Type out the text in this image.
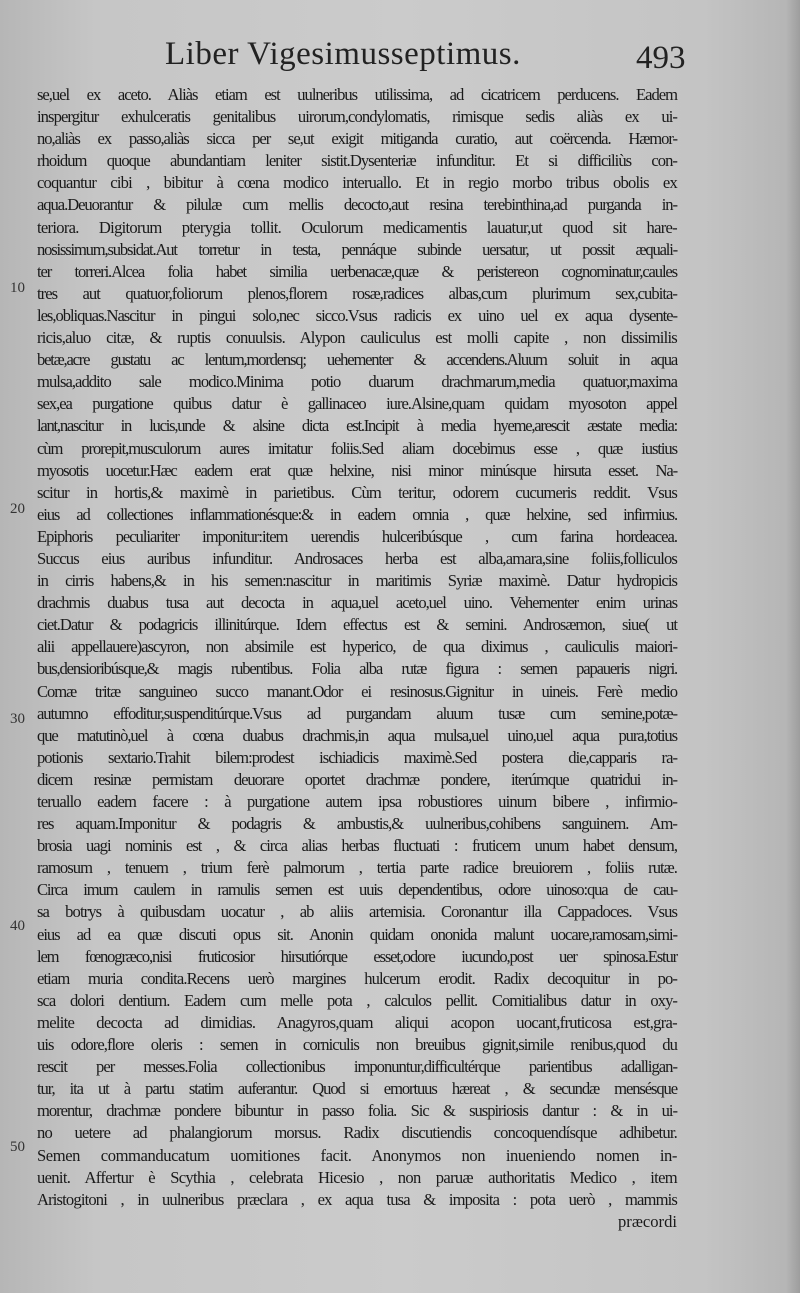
Liber Vigesimusseptimus.	493
10
20
30
40
50
se,uel ex aceto. Aliàs etiam est uulneribus utilissima, ad cicatricem perducens. Eadem
inspergitur exhulceratis genitalibus uirorum,condylomatis, rimisque sedis aliàs ex ui-
no,aliàs ex passo,aliàs sicca per se,ut exigit mitiganda curatio, aut coërcenda. Hæmor-
rhoidum quoque abundantiam leniter sistit.Dysenteriæ infunditur. Et si difficiliùs con-
coquantur cibi , bibitur à cœna modico interuallo. Et in regio morbo tribus obolis ex
aqua.Deuorantur & pilulæ cum mellis decocto,aut resina terebinthina,ad purganda in-
teriora. Digitorum pterygia tollit. Oculorum medicamentis lauatur,ut quod sit hare-
nosissimum,subsidat.Aut torretur in testa, pennáque subinde uersatur, ut possit æquali-
ter torreri.Alcea folia habet similia uerbenacæ,quæ & peristereon cognominatur,caules
tres aut quatuor,foliorum plenos,florem rosæ,radices albas,cum plurimum sex,cubita-
les,obliquas.Nascitur in pingui solo,nec sicco.Vsus radicis ex uino uel ex aqua dysente-
ricis,aluo citæ, & ruptis conuulsis. Alypon cauliculus est molli capite , non dissimilis
betæ,acre gustatu ac lentum,mordensq; uehementer & accendens.Aluum soluit in aqua
mulsa,addito sale modico.Minima potio duarum drachmarum,media quatuor,maxima
sex,ea purgatione quibus datur è gallinaceo iure.Alsine,quam quidam myosoton appel
lant,nascitur in lucis,unde & alsine dicta est.Incipit à media hyeme,arescit æstate media:
cùm prorepit,musculorum aures imitatur foliis.Sed aliam docebimus esse , quæ iustius
myosotis uocetur.Hæc eadem erat quæ helxine, nisi minor minúsque hirsuta esset. Na-
scitur in hortis,& maximè in parietibus. Cùm teritur, odorem cucumeris reddit. Vsus
eius ad collectiones inflammationésque:& in eadem omnia , quæ helxine, sed infirmius.
Epiphoris peculiariter imponitur:item uerendis hulceribúsque , cum farina hordeacea.
Succus eius auribus infunditur. Androsaces herba est alba,amara,sine foliis,folliculos
in cirris habens,& in his semen:nascitur in maritimis Syriæ maximè. Datur hydropicis
drachmis duabus tusa aut decocta in aqua,uel aceto,uel uino. Vehementer enim urinas
ciet.Datur & podagricis illinitúrque. Idem effectus est & semini. Androsæmon, siue( ut
alii appellauere)ascyron, non absimile est hyperico, de qua diximus , cauliculis maiori-
bus,densioribúsque,& magis rubentibus. Folia alba rutæ figura : semen papaueris nigri.
Comæ tritæ sanguineo succo manant.Odor ei resinosus.Gignitur in uineis. Ferè medio
autumno effoditur,suspenditúrque.Vsus ad purgandam aluum tusæ cum semine,potæ-
que matutinò,uel à cœna duabus drachmis,in aqua mulsa,uel uino,uel aqua pura,totius
potionis sextario.Trahit bilem:prodest ischiadicis maximè.Sed postera die,capparis ra-
dicem resinæ permistam deuorare oportet drachmæ pondere, iterúmque quatridui in-
teruallo eadem facere : à purgatione autem ipsa robustiores uinum bibere , infirmio-
res aquam.Imponitur & podagris & ambustis,& uulneribus,cohibens sanguinem. Am-
brosia uagi nominis est , & circa alias herbas fluctuati : fruticem unum habet densum,
ramosum , tenuem , trium ferè palmorum , tertia parte radice breuiorem , foliis rutæ.
Circa imum caulem in ramulis semen est uuis dependentibus, odore uinoso:qua de cau-
sa botrys à quibusdam uocatur , ab aliis artemisia. Coronantur illa Cappadoces. Vsus
eius ad ea quæ discuti opus sit. Anonin quidam ononida malunt uocare,ramosam,simi-
lem fœnogræco,nisi fruticosior hirsutiórque esset,odore iucundo,post uer spinosa.Estur
etiam muria condita.Recens uerò margines hulcerum erodit. Radix decoquitur in po-
sca dolori dentium. Eadem cum melle pota , calculos pellit. Comitialibus datur in oxy-
melite decocta ad dimidias. Anagyros,quam aliqui acopon uocant,fruticosa est,gra-
uis odore,flore oleris : semen in corniculis non breuibus gignit,simile renibus,quod du
rescit per messes.Folia collectionibus imponuntur,difficultérque parientibus adalligan-
tur, ita ut à partu statim auferantur. Quod si emortuus hæreat , & secundæ mensésque
morentur, drachmæ pondere bibuntur in passo folia. Sic & suspiriosis dantur : & in ui-
no uetere ad phalangiorum morsus. Radix discutiendis concoquendísque adhibetur.
Semen commanducatum uomitiones facit. Anonymos non inueniendo nomen in-
uenit. Affertur è Scythia , celebrata Hicesio , non paruæ authoritatis Medico , item
Aristogitoni , in uulneribus præclara , ex aqua tusa & imposita : pota uerò , mammis
præcordi
